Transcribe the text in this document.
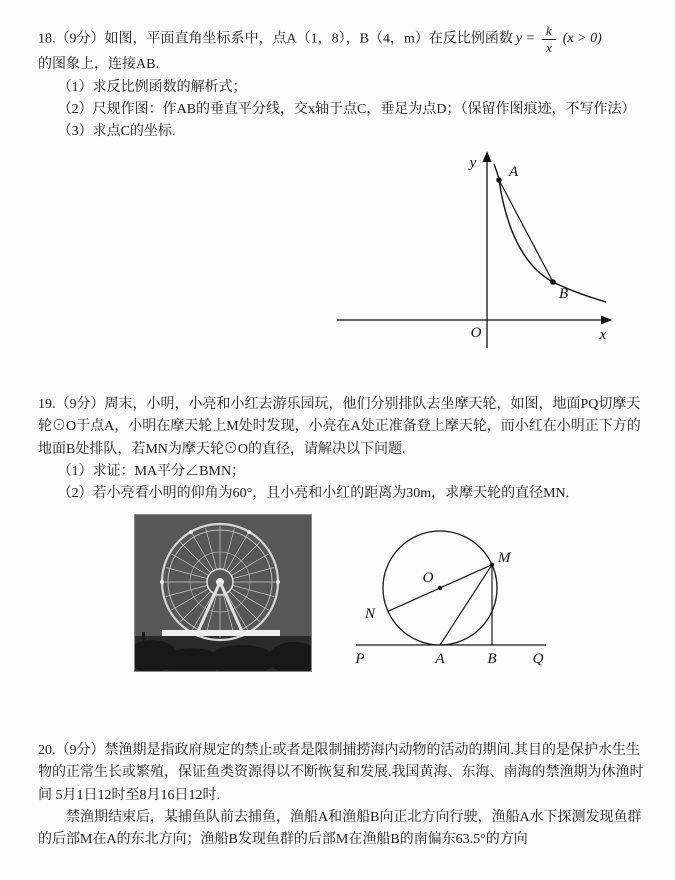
18.（9分）如图，平面直角坐标系中，点A（1，8），B（4，m）在反比例函数 $y = \frac{k}{x} (x > 0)$
的图象上，连接AB.

（1）求反比例函数的解析式；

（2）尺规作图：作AB的垂直平分线，交x轴于点C，垂足为点D；（保留作图痕迹，不写作法）

（3）求点C的坐标.

y
x
O
A
B

19.（9分）周末，小明，小亮和小红去游乐园玩，他们分别排队去坐摩天轮，如图，地面PQ切摩天轮⊙O于点A，小明在摩天轮上M处时发现，小亮在A处正准备登上摩天轮，而小红在小明正下方的地面B处排队，若MN为摩天轮⊙O的直径，请解决以下问题.

（1）求证：MA平分∠BMN；

（2）若小亮看小明的仰角为60°，且小亮和小红的距离为30m，求摩天轮的直径MN.

O
M
N
P	A	B Q

20.（9分）禁渔期是指政府规定的禁止或者是限制捕捞海内动物的活动的期间.其目的是保护水生生物的正常生长或繁殖，保证鱼类资源得以不断恢复和发展.我国黄海、东海、南海的禁渔期为休渔时间 5月1日12时至8月16日12时.

禁渔期结束后，某捕鱼队前去捕鱼，渔船A和渔船B向正北方向行驶，渔船A水下探测发现鱼群的后部M在A的东北方向；渔船B发现鱼群的后部M在渔船B的南偏东63.5°的方向
